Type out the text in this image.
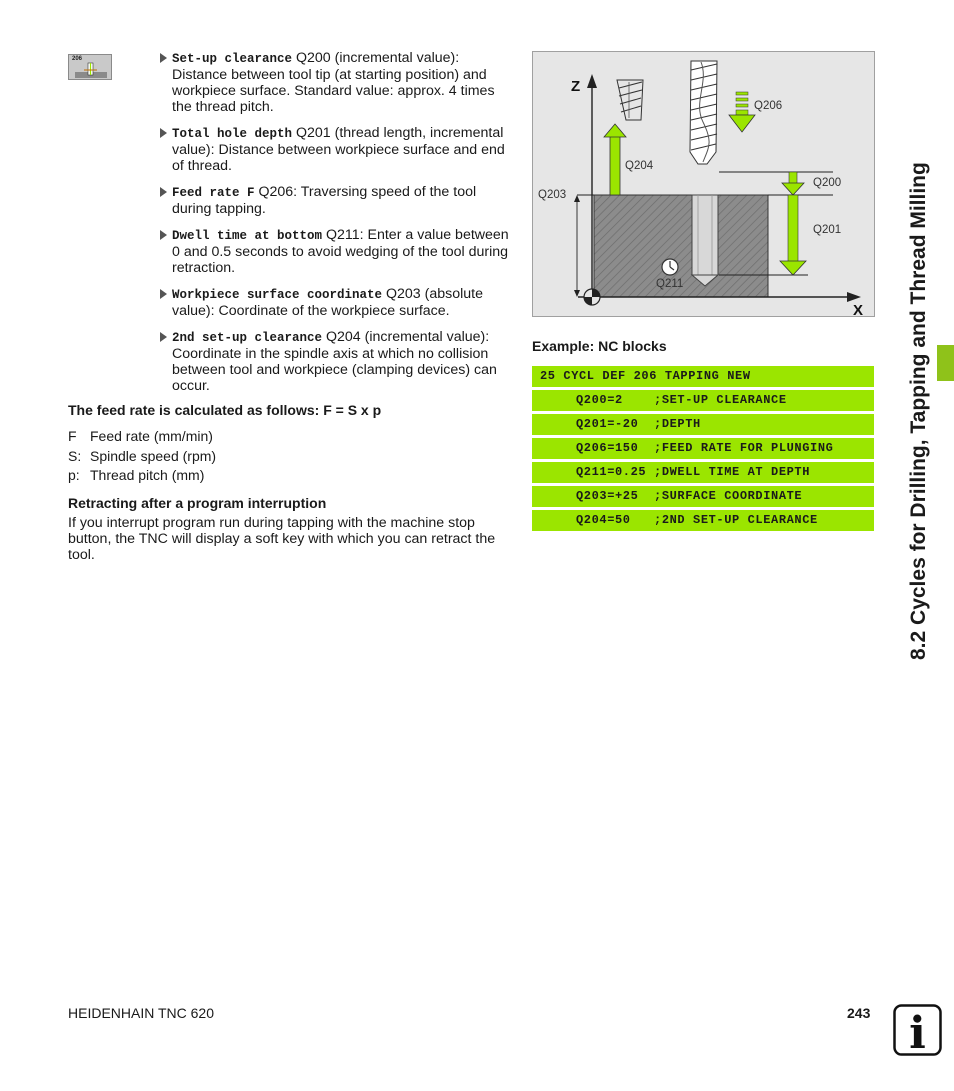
206	Set-up clearance Q200 (incremental value): Distance between tool tip (at starting position) and workpiece surface. Standard value: approx. 4 times the thread pitch.
Total hole depth Q201 (thread length, incremental value): Distance between workpiece surface and end of thread.
Feed rate F Q206: Traversing speed of the tool during tapping.
Dwell time at bottom Q211: Enter a value between 0 and 0.5 seconds to avoid wedging of the tool during retraction.
Workpiece surface coordinate Q203 (absolute value): Coordinate of the workpiece surface.
2nd set-up clearance Q204 (incremental value): Coordinate in the spindle axis at which no collision between tool and workpiece (clamping devices) can occur.

The feed rate is calculated as follows: F = S x p

F Feed rate (mm/min)
S: Spindle speed (rpm)
p: Thread pitch (mm)

Retracting after a program interruption

If you interrupt program run during tapping with the machine stop button, the TNC will display a soft key with which you can retract the tool.

Z
X
Q206
Q204
Q200
Q203
Q201
Q211

Example: NC blocks

25 CYCL DEF 206 TAPPING NEW
Q200=2    ;SET-UP CLEARANCE
Q201=-20  ;DEPTH
Q206=150  ;FEED RATE FOR PLUNGING
Q211=0.25 ;DWELL TIME AT DEPTH
Q203=+25  ;SURFACE COORDINATE
Q204=50   ;2ND SET-UP CLEARANCE	8.2 Cycles for Drilling, Tapping and Thread Milling

HEIDENHAIN TNC 620	243 i
